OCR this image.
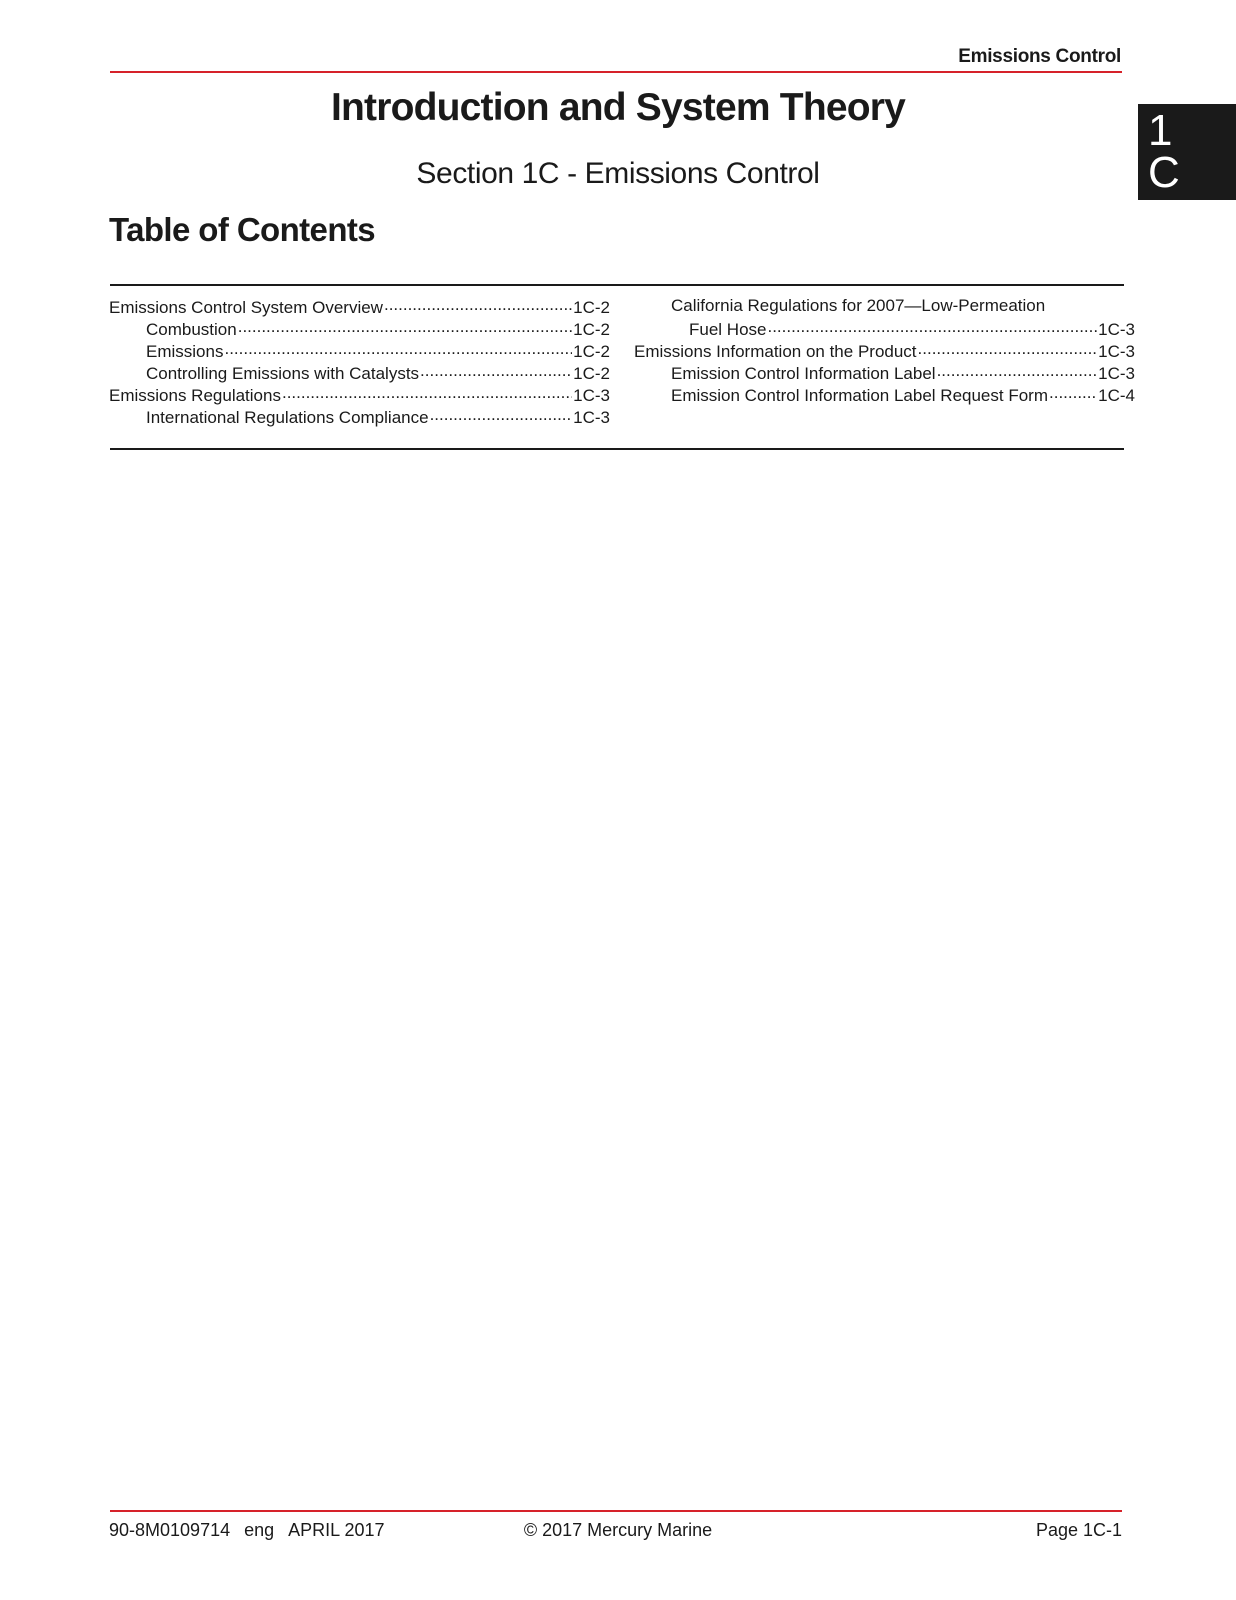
Emissions Control
1
C
Introduction and System Theory
Section 1C - Emissions Control
Table of Contents
Emissions Control System Overview .....	1C-2
Combustion .....	1C-2
Emissions .....	1C-2
Controlling Emissions with Catalysts .....	1C-2
Emissions Regulations .....	1C-3
International Regulations Compliance .....	1C-3
California Regulations for 2007—Low-Permeation
Fuel Hose .....	1C-3
Emissions Information on the Product .....	1C-3
Emission Control Information Label .....	1C-3
Emission Control Information Label Request Form .....	1C-4
90-8M0109714 eng APRIL 2017	© 2017 Mercury Marine	Page 1C-1
